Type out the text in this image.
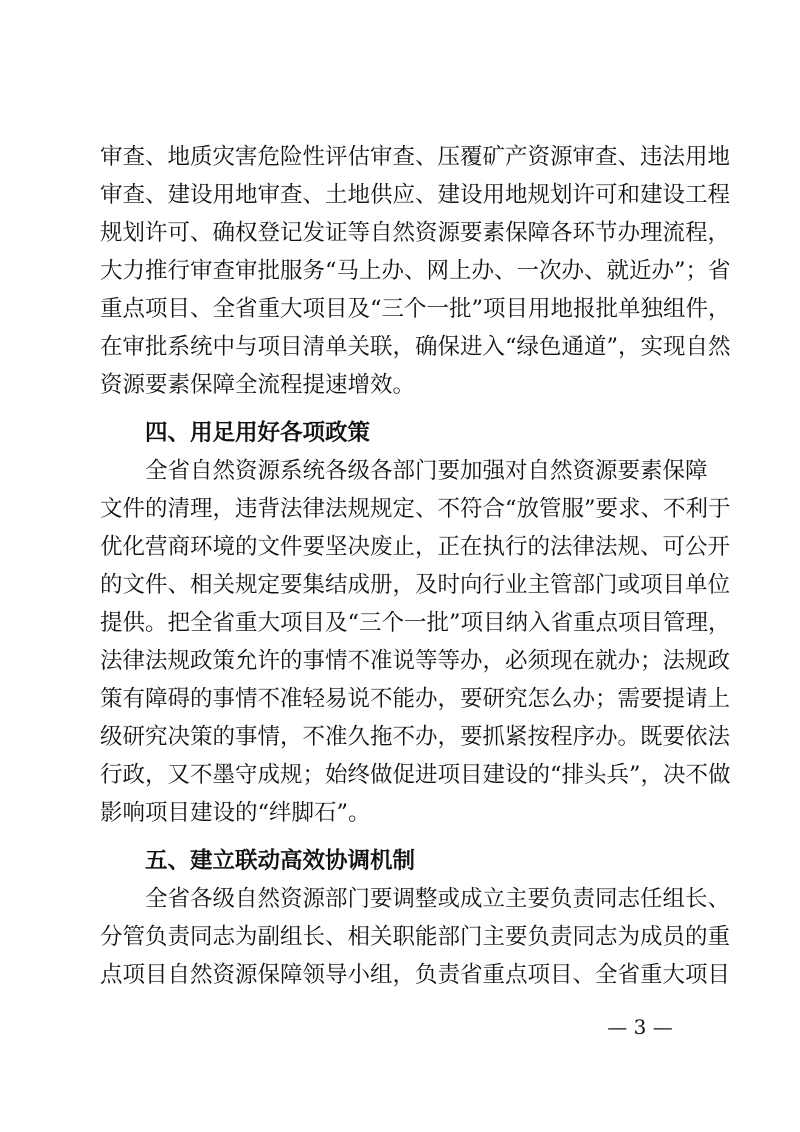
审查、地质灾害危险性评估审查、压覆矿产资源审查、违法用地
审查、建设用地审查、土地供应、建设用地规划许可和建设工程
规划许可、确权登记发证等自然资源要素保障各环节办理流程，
大力推行审查审批服务“马上办、网上办、一次办、就近办”；省
重点项目、全省重大项目及“三个一批”项目用地报批单独组件，
在审批系统中与项目清单关联，确保进入“绿色通道”，实现自然
资源要素保障全流程提速增效。
四、用足用好各项政策
全省自然资源系统各级各部门要加强对自然资源要素保障
文件的清理，违背法律法规规定、不符合“放管服”要求、不利于
优化营商环境的文件要坚决废止，正在执行的法律法规、可公开
的文件、相关规定要集结成册，及时向行业主管部门或项目单位
提供。把全省重大项目及“三个一批”项目纳入省重点项目管理，
法律法规政策允许的事情不准说等等办，必须现在就办；法规政
策有障碍的事情不准轻易说不能办，要研究怎么办；需要提请上
级研究决策的事情，不准久拖不办，要抓紧按程序办。既要依法
行政，又不墨守成规；始终做促进项目建设的“排头兵”，决不做
影响项目建设的“绊脚石”。
五、建立联动高效协调机制
全省各级自然资源部门要调整或成立主要负责同志任组长、
分管负责同志为副组长、相关职能部门主要负责同志为成员的重
点项目自然资源保障领导小组，负责省重点项目、全省重大项目
— 3 —
